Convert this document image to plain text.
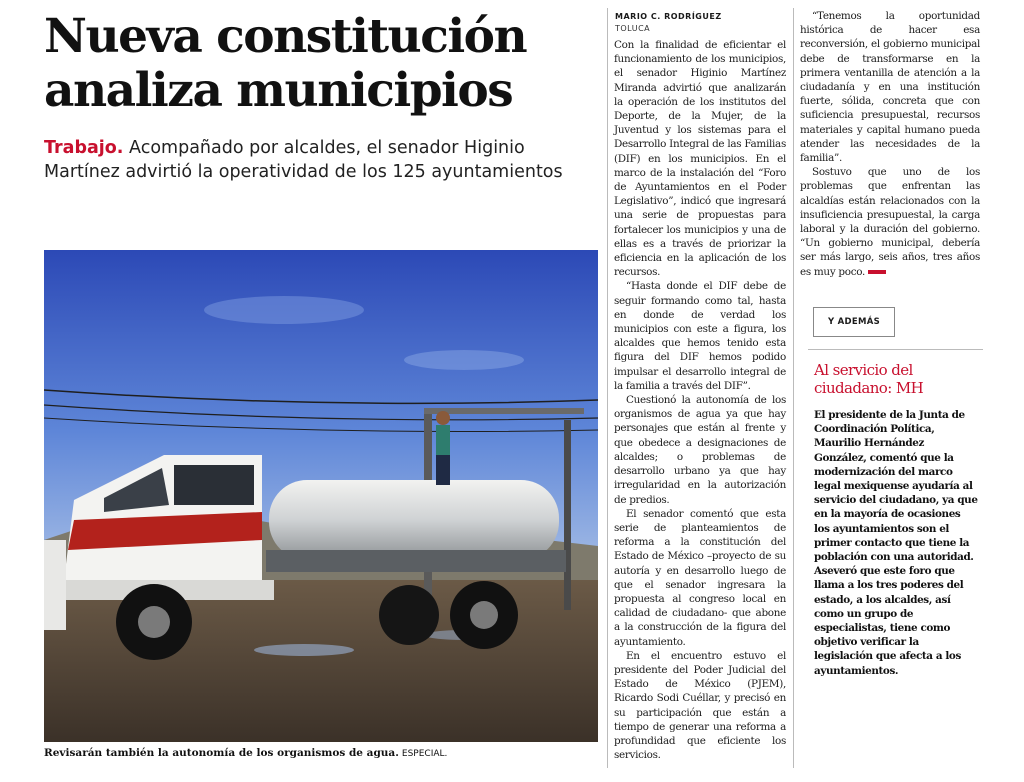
Nueva constitución
analiza municipios
Trabajo. Acompañado por alcaldes, el senador Higinio Martínez advirtió la operatividad de los 125 ayuntamientos
Revisarán también la autonomía de los organismos de agua. ESPECIAL.
MARIO C. RODRÍGUEZ
TOLUCA

Con la finalidad de eficientar el funcionamiento de los municipios, el senador Higinio Martínez Miranda advirtió que analizarán la operación de los institutos del Deporte, de la Mujer, de la Juventud y los sistemas para el Desarrollo Integral de las Familias (DIF) en los municipios. En el marco de la instalación del “Foro de Ayuntamientos en el Poder Legislativo”, indicó que ingresará una serie de propuestas para fortalecer los municipios y una de ellas es a través de priorizar la eficiencia en la aplicación de los recursos.

“Hasta donde el DIF debe de seguir formando como tal, hasta en donde de verdad los municipios con este a figura, los alcaldes que hemos tenido esta figura del DIF hemos podido impulsar el desarrollo integral de la familia a través del DIF”.

Cuestionó la autonomía de los organismos de agua ya que hay personajes que están al frente y que obedece a designaciones de alcaldes; o problemas de desarrollo urbano ya que hay irregularidad en la autorización de predios.

El senador comentó que esta serie de planteamientos de reforma a la constitución del Estado de México –proyecto de su autoría y en desarrollo luego de que el senador ingresara la propuesta al congreso local en calidad de ciudadano- que abone a la construcción de la figura del ayuntamiento.

En el encuentro estuvo el presidente del Poder Judicial del Estado de México (PJEM), Ricardo Sodi Cuéllar, y precisó en su participación que están a tiempo de generar una reforma a profundidad que eficiente los servicios.

“Tenemos la oportunidad histórica de hacer esa reconversión, el gobierno municipal debe de transformarse en la primera ventanilla de atención a la ciudadanía y en una institución fuerte, sólida, concreta que con suficiencia presupuestal, recursos materiales y capital humano pueda atender las necesidades de la familia”.

Sostuvo que uno de los problemas que enfrentan las alcaldías están relacionados con la insuficiencia presupuestal, la carga laboral y la duración del gobierno. “Un gobierno municipal, debería ser más largo, seis años, tres años es muy poco.

Y ADEMÁS
Al servicio del ciudadano: MH

El presidente de la Junta de Coordinación Política, Maurilio Hernández González, comentó que la modernización del marco legal mexiquense ayudaría al servicio del ciudadano, ya que en la mayoría de ocasiones los ayuntamientos son el primer contacto que tiene la población con una autoridad.

Aseveró que este foro que llama a los tres poderes del estado, a los alcaldes, así como un grupo de especialistas, tiene como objetivo verificar la legislación que afecta a los ayuntamientos.
